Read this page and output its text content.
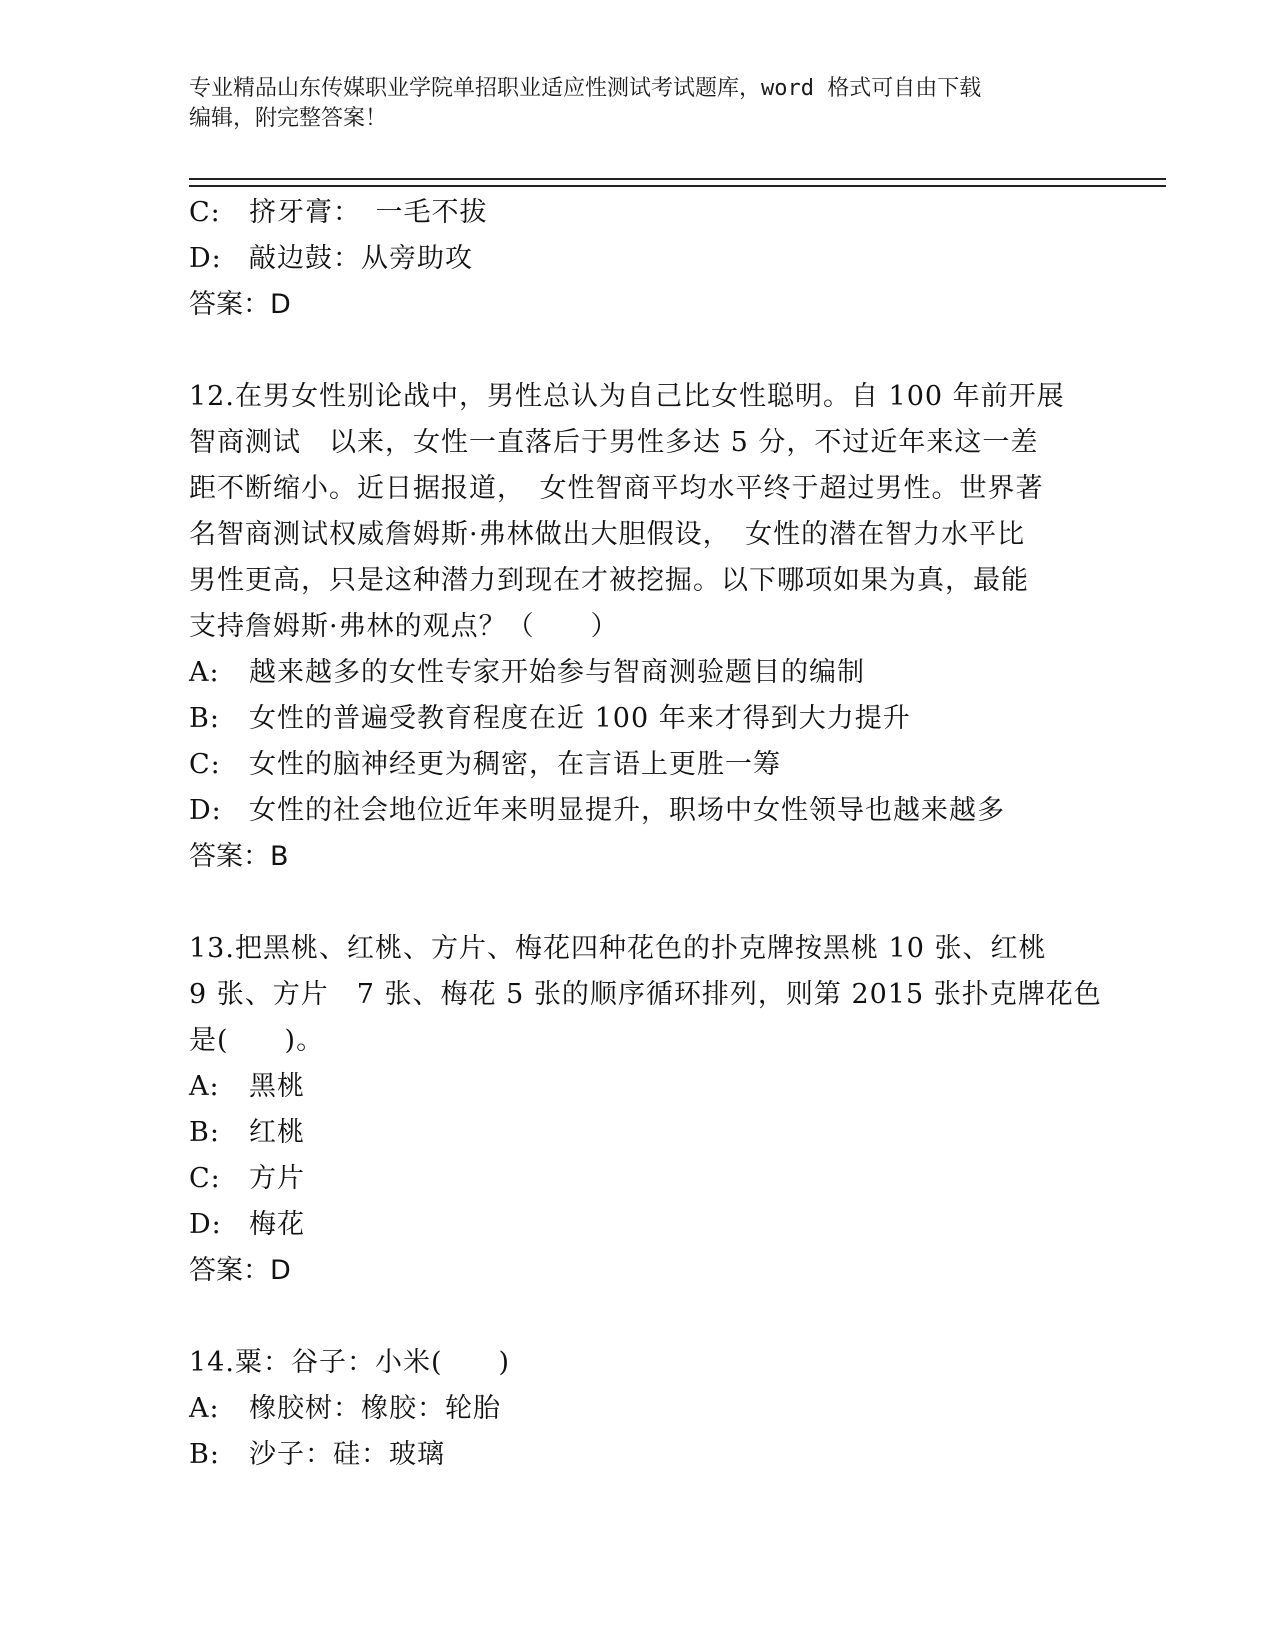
专业精品山东传媒职业学院单招职业适应性测试考试题库，word 格式可自由下载
编辑，附完整答案！
C:	挤牙膏：　一毛不拔
D:	敲边鼓：从旁助攻
答案：D
12.在男女性别论战中，男性总认为自己比女性聪明。自 100 年前开展
智商测试　以来，女性一直落后于男性多达 5 分，不过近年来这一差
距不断缩小。近日据报道，　女性智商平均水平终于超过男性。世界著
名智商测试权威詹姆斯·弗林做出大胆假设，　女性的潜在智力水平比
男性更高，只是这种潜力到现在才被挖掘。以下哪项如果为真，最能
支持詹姆斯·弗林的观点？（　　）
A:	越来越多的女性专家开始参与智商测验题目的编制
B:	女性的普遍受教育程度在近 100 年来才得到大力提升
C:	女性的脑神经更为稠密，在言语上更胜一筹
D:	女性的社会地位近年来明显提升，职场中女性领导也越来越多
答案：B
13.把黑桃、红桃、方片、梅花四种花色的扑克牌按黑桃 10 张、红桃
9 张、方片　7 张、梅花 5 张的顺序循环排列，则第 2015 张扑克牌花色
是(　　)。
A:	黑桃
B:	红桃
C:	方片
D:	梅花
答案：D
14.粟：谷子：小米(　　)
A:	橡胶树：橡胶：轮胎
B:	沙子：硅：玻璃
